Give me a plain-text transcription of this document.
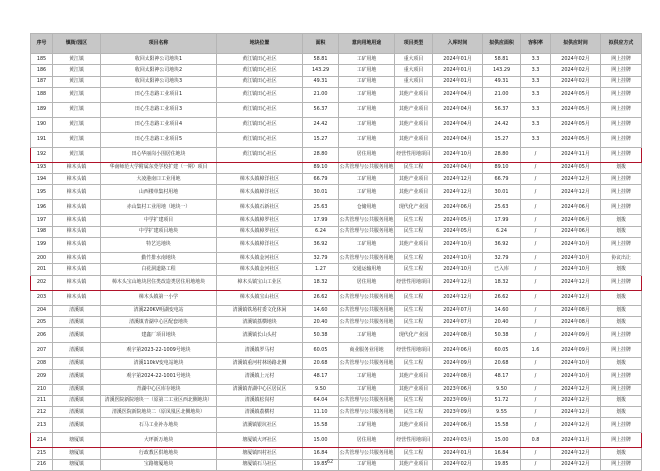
序号	镇街/园区	项目名称	地块位置	面积	意向用地用途	项目类型	入库时间	拟供应面积	容积率	拟供应时间	拟供应方式
185	黄江镇	收回太阳神公司地块1	黄江镇田心社区	58.81	工矿用地	重大项目	2024年01月	58.81	3.3	2024年02月	网上挂牌
186	黄江镇	收回太阳神公司地块2	黄江镇田心社区	143.29	工矿用地	重大项目	2024年01月	143.29	3.3	2024年02月	网上挂牌
187	黄江镇	收回太阳神公司地块3	黄江镇田心社区	49.31	工矿用地	重大项目	2024年01月	49.31	3.3	2024年02月	网上挂牌
188	黄江镇	田心生态路工业项目1	黄江镇田心社区	21.00	工矿用地	其他产业项目	2024年04月	21.00	3.3	2024年05月	网上挂牌
189	黄江镇	田心生态路工业项目3	黄江镇田心社区	56.37	工矿用地	其他产业项目	2024年04月	56.37	3.3	2024年05月	网上挂牌
190	黄江镇	田心生态路工业项目4	黄江镇田心社区	24.42	工矿用地	其他产业项目	2024年04月	24.42	3.3	2024年05月	网上挂牌
191	黄江镇	田心生态路工业项目5	黄江镇田心社区	15.27	工矿用地	其他产业项目	2024年04月	15.27	3.3	2024年05月	网上挂牌
192	黄江镇	田心华丽岗小围居住地块	黄江镇田心社区	28.80	居住用地	经营性用地项目	2024年10月	28.80	/	2024年11月	网上挂牌
193	樟木头镇	华南师范大学附属东莞学校扩建（一期）项目		89.10	公共管理与公共服务用地	民生工程	2024年04月	89.10	/	2024年05月	划拨
194	樟木头镇	大凌港南口工业用地	樟木头镇樟洋社区	66.79	工矿用地	其他产业项目	2024年12月	66.79	/	2024年12月	网上挂牌
195	樟木头镇	山西楼单集村用地	樟木头镇樟洋社区	30.01	工矿用地	其他产业项目	2024年12月	30.01	/	2024年12月	网上挂牌
196	樟木头镇	赤山集村工业用地（地块一）	樟木头镇石新社区	25.63	仓储用地	现代化产业园	2024年06月	25.63	/	2024年06月	网上挂牌
197	樟木头镇	中学扩建项目	樟木头镇樟罗社区	17.99	公共管理与公共服务用地	民生工程	2024年05月	17.99	/	2024年06月	划拨
198	樟木头镇	中学扩建项目地块	樟木头镇樟罗社区	6.24	公共管理与公共服务用地	民生工程	2024年05月	6.24	/	2024年06月	划拨
199	樟木头镇	特艺达地块	樟木头镇樟洋社区	36.92	工矿用地	其他产业项目	2024年10月	36.92	/	2024年10月	网上挂牌
200	樟木头镇	勤竹排水南地块	樟木头镇金河社区	32.79	公共管理与公共服务用地	民生工程	2024年10月	32.79	/	2024年10月	协议出让
201	樟木头镇	白花洞道路工程	樟木头镇金河社区	1.27	交通运输用地	民生工程	2024年10月	已入库	/	2024年10月	划拨
202	樟木头镇	樟木头宝山地块居住类改造类居住用地地块	樟木头镇宝山工业区	18.32	居住用地	经营性用地项目	2024年12月	18.32	/	2024年12月	网上挂牌
203	樟木头镇	樟木头镇第一小学	樟木头镇宝山社区	26.62	公共管理与公共服务用地	民生工程	2024年12月	26.62	/	2024年12月	划拨
204	清溪镇	清溪220KV明湖变电站	清溪镇铁场村委文化休闲	14.60	公共管理与公共服务用地	民生工程	2024年07月	14.60	/	2024年08月	划拨
205	清溪镇	清溪镇青湖中心区配套地块	清溪镇荔横地块	20.40	公共管理与公共服务用地	民生工程	2024年07月	20.40	/	2024年08月	划拨
206	清溪镇	建鑫厂项目地块	清溪镇长山头村	50.38	工矿用地	现代化产业园	2024年08月	50.38	/	2024年09月	网上挂牌
207	清溪镇	观宇第2023-22-1009号地块	清溪镇罗马村	60.05	商业服务业用地	经营性用地项目	2024年06月	60.05	1.6	2024年09月	网上挂牌
208	清溪镇	清溪110kV变电站地块	清溪镇重河村林场路北侧	20.68	公共管理与公共服务用地	民生工程	2024年09月	20.68	/	2024年10月	划拨
209	清溪镇	观宇第2024-22-1001号地块	清溪镇上元村	48.17	工矿用地	其他产业项目	2024年08月	48.17	/	2024年10月	网上挂牌
210	清溪镇	青湖中心区库存地块	清溪镇青湖中心区居民区	9.50	工矿用地	其他产业项目	2023年06月	9.50	/	2024年12月	网上挂牌
211	清溪镇	清溪医院新院地块一（原第二工业区西北侧地块）	清溪镇松岗村	64.04	公共管理与公共服务用地	民生工程	2023年09月	51.72	/	2024年12月	划拨
212	清溪镇	清溪医院新院地块二（原凤凰区北侧地块）	清溪镇荔横村	11.10	公共管理与公共服务用地	民生工程	2023年09月	9.55	/	2024年12月	划拨
213	清溪镇	石马工业补办地块	清溪镇银坑社区	15.58	工矿用地	其他产业项目	2024年06月	15.58	/	2024年12月	网上挂牌
214	塘厦镇	大坪新万地块	塘厦镇大坪社区	15.00	居住用地	经营性用地项目	2024年03月	15.00	0.8	2024年11月	网上挂牌
215	塘厦镇	行政教区供地地块	塘厦镇四村社区	16.84	公共管理与公共服务用地	民生工程	2024年01月	16.84	/	2024年12月	划拨
216	塘厦镇	宝路塘厦地块	塘厦镇石马社区	19.85	工矿用地	其他产业项目	2024年02月	19.85	/	2024年12月	网上挂牌
62
